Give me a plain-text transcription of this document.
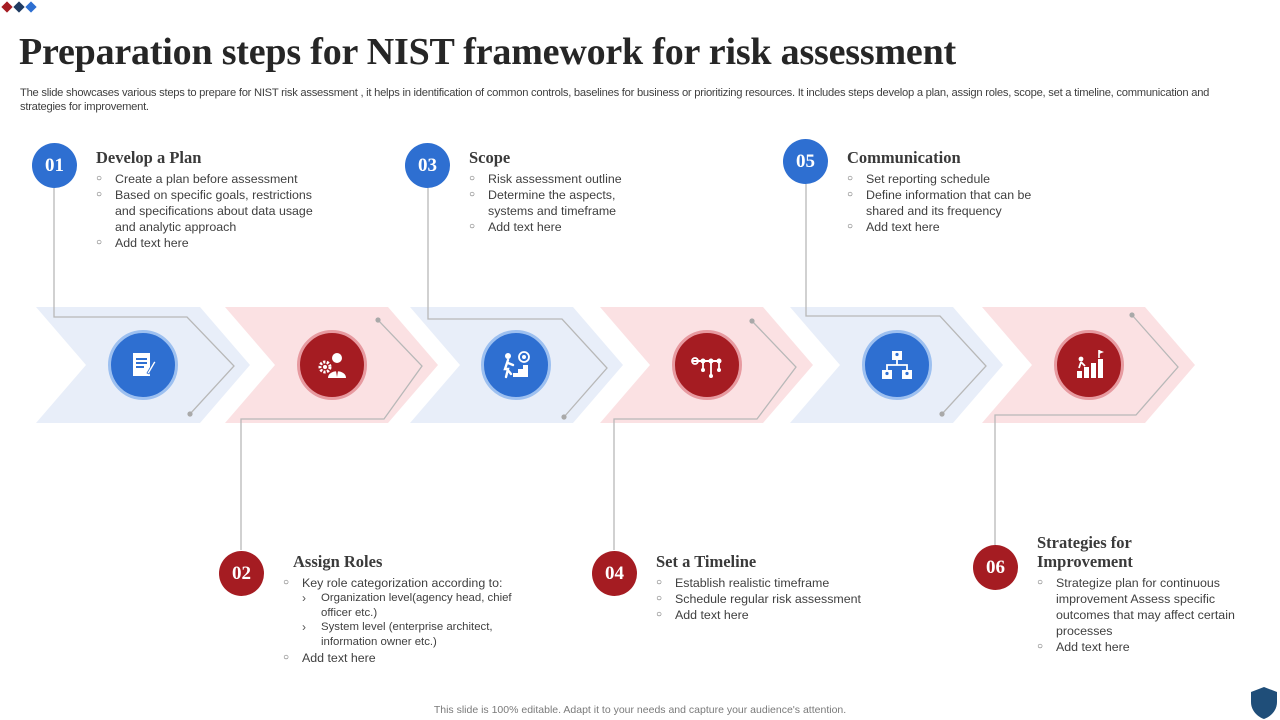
Preparation steps for NIST framework for risk assessment

The slide showcases various steps to prepare for NIST risk assessment , it helps in identification of common controls, baselines for business or prioritizing resources. It includes steps develop a plan, assign roles, scope, set a timeline, communication and strategies for improvement.

01
02
03
04
05
06
Develop a Plan
○ Create a plan before assessment
○ Based on specific goals, restrictions and specifications about data usage and analytic approach
○ Add text here
Assign Roles
○ Key role categorization according to:
› Organization level(agency head, chief officer etc.)
› System level (enterprise architect, information owner etc.)
○ Add text here
Scope
○ Risk assessment outline
○ Determine the aspects, systems and timeframe
○ Add text here
Set a Timeline
○ Establish realistic timeframe
○ Schedule regular risk assessment
○ Add text here
Communication
○ Set reporting schedule
○ Define information that can be shared and its frequency
○ Add text here
Strategies for Improvement
○ Strategize plan for continuous improvement Assess specific outcomes that may affect certain processes
○ Add text here
This slide is 100% editable. Adapt it to your needs and capture your audience's attention.
